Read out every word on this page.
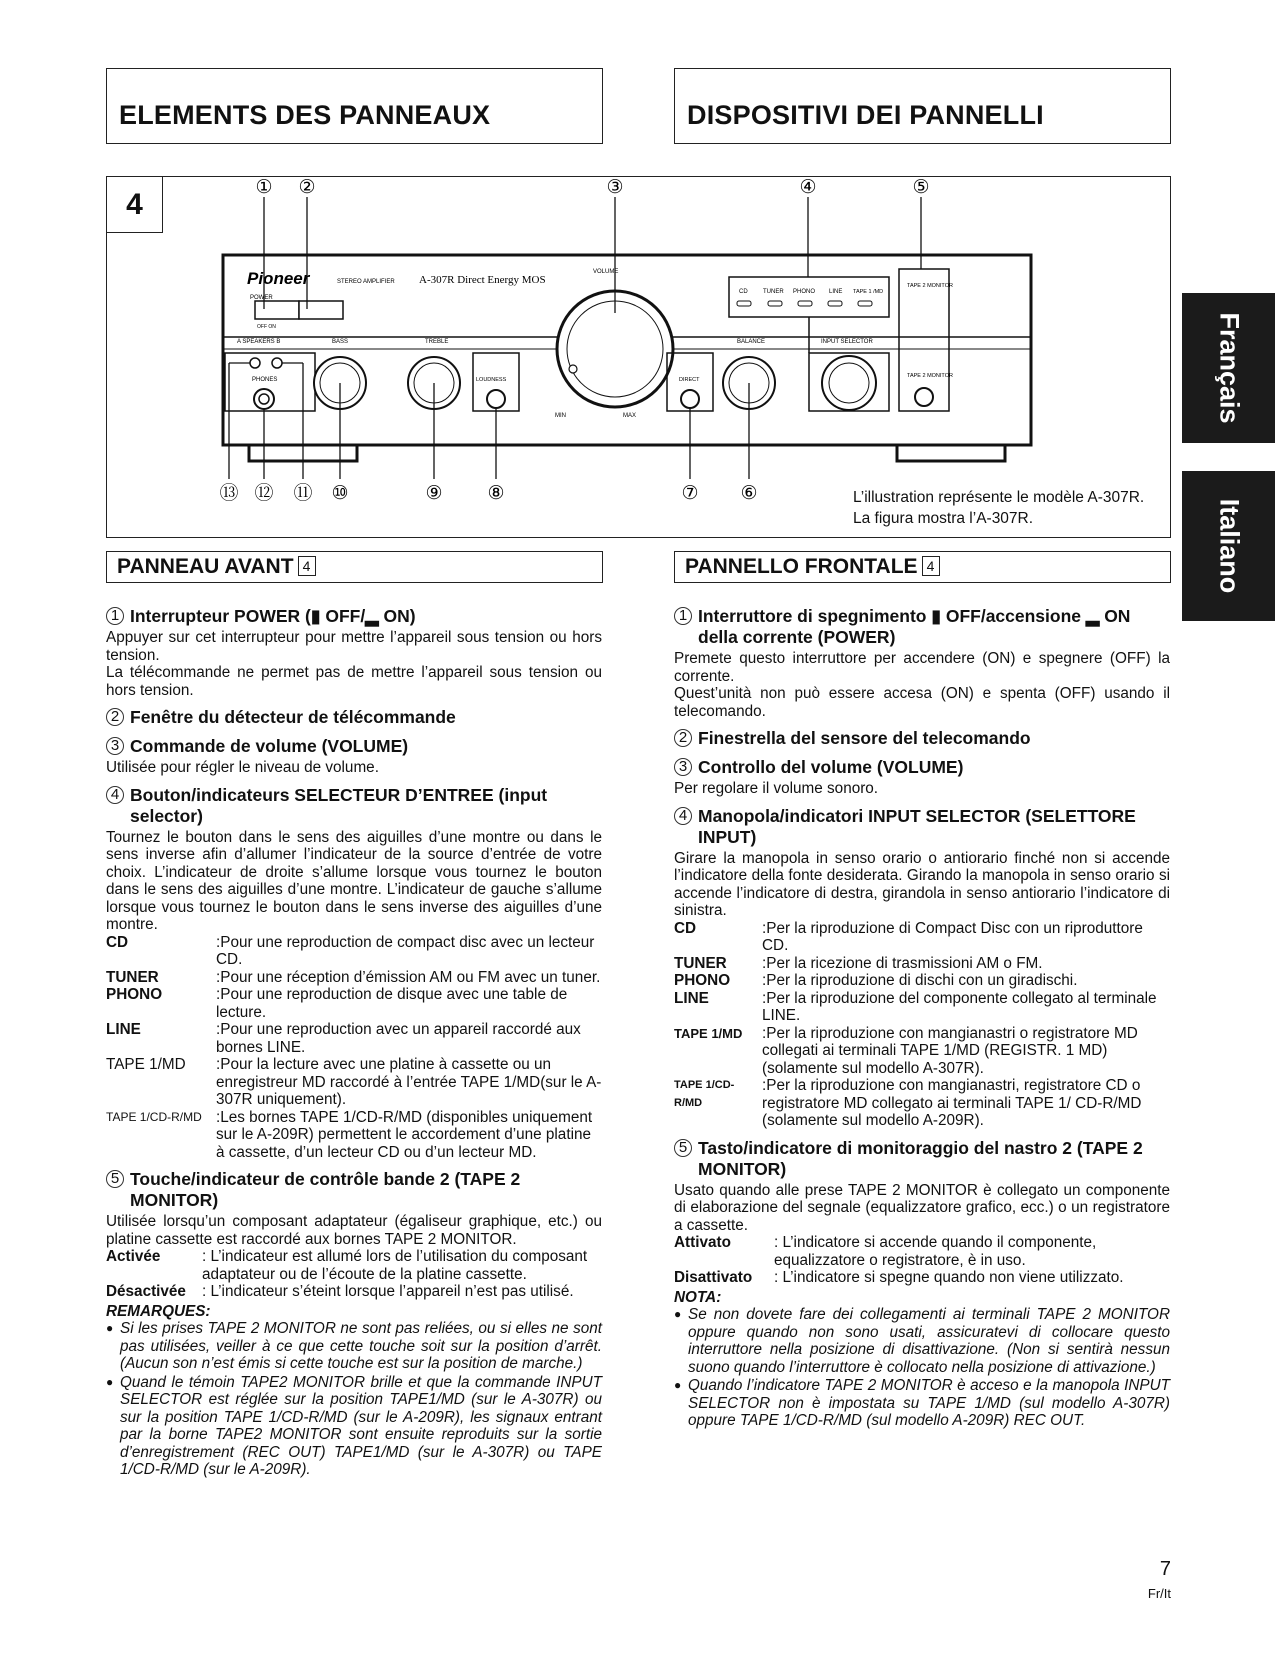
ELEMENTS DES PANNEAUX	DISPOSITIVI DEI PANNELLI
4
Pioneer	STEREO AMPLIFIER A-307R Direct Energy MOS
POWER
OFF ON
A SPEAKERS B	BASS	TREBLE
VOLUME
BALANCE	INPUT SELECTOR
PHONES	LOUDNESS
MIN	MAX
DIRECT
CD	TUNER PHONO LINE TAPE 1 /MD
TAPE 2 MONITOR
TAPE 2 MONITOR
① ②	③	④	⑤
⑬ ⑫ ⑪ ⑩	⑨ ⑧	⑦ ⑥	L’illustration représente le modèle A-307R.
La figura mostra l’A-307R.
Français
Italiano
PANNEAU AVANT 4	PANNELLO FRONTALE 4
1 Interrupteur POWER (▮ OFF/▂ ON)

Appuyer sur cet interrupteur pour mettre l’appareil sous tension ou hors tension.

La télécommande ne permet pas de mettre l’appareil sous tension ou hors tension.

2 Fenêtre du détecteur de télécommande
3 Commande de volume (VOLUME)

Utilisée pour régler le niveau de volume.

4 Bouton/indicateurs SELECTEUR D’ENTREE (input selector)

Tournez le bouton dans le sens des aiguilles d’une montre ou dans le sens inverse afin d’allumer l’indicateur de la source d’entrée de votre choix. L’indicateur de droite s’allume lorsque vous tournez le bouton dans le sens des aiguilles d’une montre. L’indicateur de gauche s’allume lorsque vous tournez le bouton dans le sens inverse des aiguilles d’une montre.

CD	:Pour une reproduction de compact disc avec un lecteur CD.
TUNER	:Pour une réception d’émission AM ou FM avec un tuner.
PHONO	:Pour une reproduction de disque avec une table de lecture.
LINE	:Pour une reproduction avec un appareil raccordé aux bornes LINE.
TAPE 1/MD	:Pour la lecture avec une platine à cassette ou un enregistreur MD raccordé à l’entrée TAPE 1/MD(sur le A-307R uniquement).
TAPE 1/CD-R/MD :Les bornes TAPE 1/CD-R/MD (disponibles uniquement sur le A-209R) permettent le accordement d’une platine à cassette, d’un lecteur CD ou d’un lecteur MD.
5 Touche/indicateur de contrôle bande 2 (TAPE 2 MONITOR)

Utilisée lorsqu’un composant adaptateur (égaliseur graphique, etc.) ou platine cassette est raccordé aux bornes TAPE 2 MONITOR.

Activée	: L’indicateur est allumé lors de l’utilisation du composant adaptateur ou de l’écoute de la platine cassette.
Désactivée	: L’indicateur s’éteint lorsque l’appareil n’est pas utilisé.
REMARQUES:
● Si les prises TAPE 2 MONITOR ne sont pas reliées, ou si elles ne sont pas utilisées, veiller à ce que cette touche soit sur la position d’arrêt. (Aucun son n’est émis si cette touche est sur la position de marche.)
● Quand le témoin TAPE2 MONITOR brille et que la commande INPUT SELECTOR est réglée sur la position TAPE1/MD (sur le A-307R) ou sur la position TAPE 1/CD-R/MD (sur le A-209R), les signaux entrant par la borne TAPE2 MONITOR sont ensuite reproduits sur la sortie d’enregistrement (REC OUT) TAPE1/MD (sur le A-307R) ou TAPE 1/CD-R/MD (sur le A-209R).
1 Interruttore di spegnimento ▮ OFF/accensione ▂ ON della corrente (POWER)

Premete questo interruttore per accendere (ON) e spegnere (OFF) la corrente.

Quest’unità non può essere accesa (ON) e spenta (OFF) usando il telecomando.

2 Finestrella del sensore del telecomando
3 Controllo del volume (VOLUME)

Per regolare il volume sonoro.

4 Manopola/indicatori INPUT SELECTOR (SELETTORE INPUT)

Girare la manopola in senso orario o antiorario finché non si accende l’indicatore della fonte desiderata. Girando la manopola in senso orario si accende l’indicatore di destra, girandola in senso antiorario l’indicatore di sinistra.

CD	:Per la riproduzione di Compact Disc con un riproduttore CD.
TUNER	:Per la ricezione di trasmissioni AM o FM.
PHONO	:Per la riproduzione di dischi con un giradischi.
LINE	:Per la riproduzione del componente collegato al terminale LINE.
TAPE 1/MD	:Per la riproduzione con mangianastri o registratore MD collegati ai terminali TAPE 1/MD (REGISTR. 1 MD) (solamente sul modello A-307R).
TAPE 1/CD-R/MD
:Per la riproduzione con mangianastri, registratore CD o registratore MD collegato ai terminali TAPE 1/ CD-R/MD (solamente sul modello A-209R).
5 Tasto/indicatore di monitoraggio del nastro 2 (TAPE 2 MONITOR)

Usato quando alle prese TAPE 2 MONITOR è collegato un componente di elaborazione del segnale (equalizzatore grafico, ecc.) o un registratore a cassette.

Attivato	: L’indicatore si accende quando il componente, equalizzatore o registratore, è in uso.
Disattivato	: L’indicatore si spegne quando non viene utilizzato.
NOTA:
● Se non dovete fare dei collegamenti ai terminali TAPE 2 MONITOR oppure quando non sono usati, assicuratevi di collocare questo interruttore nella posizione di disattivazione. (Non si sentirà nessun suono quando l’interruttore è collocato nella posizione di attivazione.)
● Quando l’indicatore TAPE 2 MONITOR è acceso e la manopola INPUT SELECTOR non è impostata su TAPE 1/MD (sul modello A-307R) oppure TAPE 1/CD-R/MD (sul modello A-209R) REC OUT.
7
Fr/It
